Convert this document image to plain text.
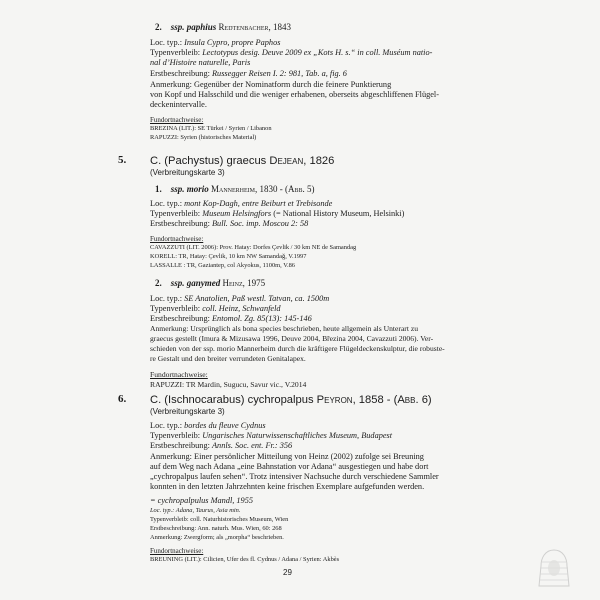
2. ssp. paphius Redtenbacher, 1843
Loc. typ.: Insula Cypro, propre Paphos
Typenverbleib: Lectotypus desig. Deuve 2009 ex „Kots H. s.“ in coll. Muséum natio-
nal d’Histoire naturelle, Paris
Erstbeschreibung: Russegger Reisen I. 2: 981, Tab. a, fig. 6
Anmerkung: Gegenüber der Nominatform durch die feinere Punktierung
von Kopf und Halsschild und die weniger erhabenen, oberseits abgeschliffenen Flügel-
deckenintervalle.
Fundortnachweise:
BREZINA (LIT.): SE Türkei / Syrien / Libanon
RAPUZZI: Syrien (historisches Material)
5. C. (Pachystus) graecus Dejean, 1826
(Verbreitungskarte 3)
1. ssp. morio Mannerheim, 1830 - (Abb. 5)
Loc. typ.: mont Kop-Dagh, entre Beiburt et Trebisonde
Typenverbleib: Museum Helsingfors (= National History Museum, Helsinki)
Erstbeschreibung: Bull. Soc. imp. Moscou 2: 58
Fundortnachweise:
CAVAZZUTI (LIT. 2006): Prov. Hatay: Dorfes Çevlik / 30 km NE de Samandag
KORELL: TR, Hatay: Çevlik, 10 km NW Samandağ, V.1997
LASSALLE : TR, Gaziantep, col Akyokus, 1100m, V.86
2. ssp. ganymed Heinz, 1975
Loc. typ.: SE Anatolien, Paß westl. Tatvan, ca. 1500m
Typenverbleib: coll. Heinz, Schwanfeld
Erstbeschreibung: Entomol. Zg. 85(13): 145-146
Anmerkung: Ursprünglich als bona species beschrieben, heute allgemein als Unterart zu
graecus gestellt (Imura & Mizusawa 1996, Deuve 2004, Březina 2004, Cavazzuti 2006). Ver-
schieden von der ssp. morio Mannerheim durch die kräftigere Flügeldeckenskulptur, die robuste-
re Gestalt und den breiter verrundeten Genitalapex.
Fundortnachweise:
RAPUZZI: TR Mardin, Sugucu, Savur vic., V.2014
6. C. (Ischnocarabus) cychropalpus Peyron, 1858 - (Abb. 6)
(Verbreitungskarte 3)
Loc. typ.: bordes du fleuve Cydnus
Typenverbleib: Ungarisches Naturwissenschaftliches Museum, Budapest
Erstbeschreibung: Annls. Soc. ent. Fr.: 356
Anmerkung: Einer persönlicher Mitteilung von Heinz (2002) zufolge sei Breuning
auf dem Weg nach Adana „eine Bahnstation vor Adana“ ausgestiegen und habe dort
„cychropalpus laufen sehen“. Trotz intensiver Nachsuche durch verschiedene Sammler
konnten in den letzten Jahrzehnten keine frischen Exemplare aufgefunden werden.
= cychropalpulus Mandl, 1955
Loc. typ.: Adana, Taurus, Asia min.
Typenverbleib: coll. Naturhistorisches Museum, Wien
Erstbeschreibung: Ann. naturh. Mus. Wien, 60: 268
Anmerkung: Zwergform; als „morpha“ beschrieben.
Fundortnachweise:
BREUNING (LIT.): Cilicien, Ufer des fl. Cydnus / Adana / Syrien: Akbès
29
